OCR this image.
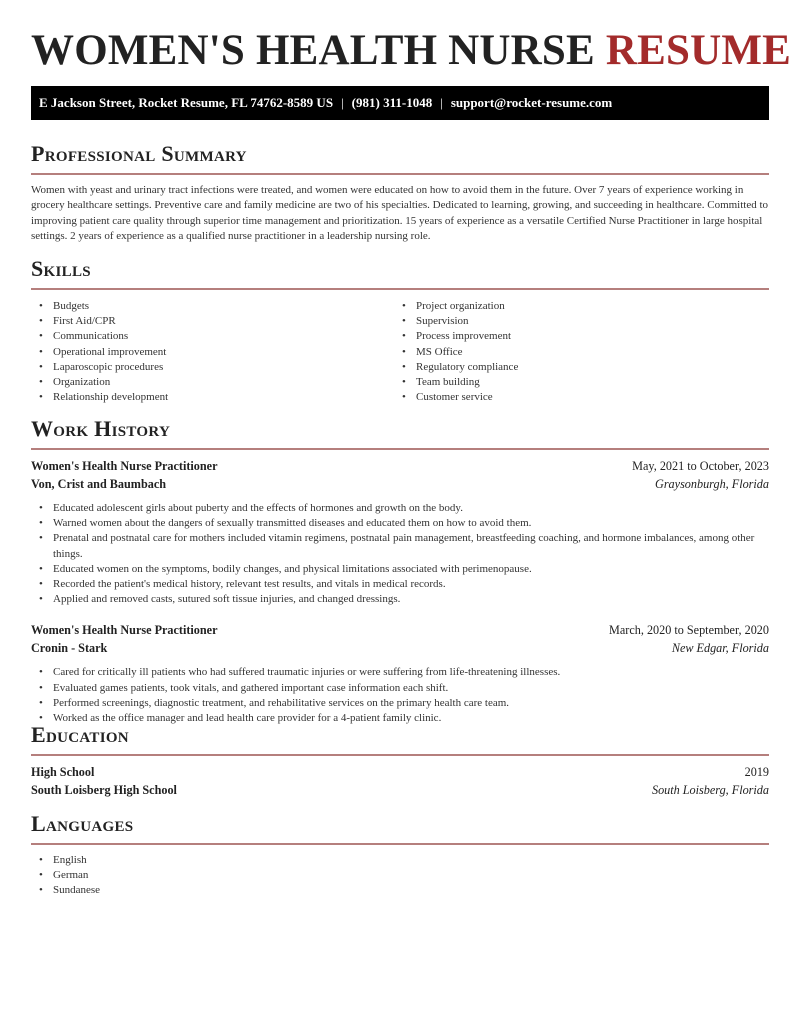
WOMEN'S HEALTH NURSE RESUME
E Jackson Street, Rocket Resume, FL 74762-8589 US | (981) 311-1048 | support@rocket-resume.com
Professional Summary

Women with yeast and urinary tract infections were treated, and women were educated on how to avoid them in the future. Over 7 years of experience working in grocery healthcare settings. Preventive care and family medicine are two of his specialties. Dedicated to learning, growing, and succeeding in healthcare. Committed to improving patient care quality through superior time management and prioritization. 15 years of experience as a versatile Certified Nurse Practitioner in large hospital settings. 2 years of experience as a qualified nurse practitioner in a leadership nursing role.

Skills
• Budgets
• First Aid/CPR
• Communications
• Operational improvement
• Laparoscopic procedures
• Organization
• Relationship development
• Project organization
• Supervision
• Process improvement
• MS Office
• Regulatory compliance
• Team building
• Customer service
Work History
Women's Health Nurse Practitioner	May, 2021 to October, 2023
Von, Crist and Baumbach	Graysonburgh, Florida
• Educated adolescent girls about puberty and the effects of hormones and growth on the body.
• Warned women about the dangers of sexually transmitted diseases and educated them on how to avoid them.
• Prenatal and postnatal care for mothers included vitamin regimens, postnatal pain management, breastfeeding coaching, and hormone imbalances, among other things.
• Educated women on the symptoms, bodily changes, and physical limitations associated with perimenopause.
• Recorded the patient's medical history, relevant test results, and vitals in medical records.
• Applied and removed casts, sutured soft tissue injuries, and changed dressings.
Women's Health Nurse Practitioner	March, 2020 to September, 2020
Cronin - Stark	New Edgar, Florida
• Cared for critically ill patients who had suffered traumatic injuries or were suffering from life-threatening illnesses.
• Evaluated games patients, took vitals, and gathered important case information each shift.
• Performed screenings, diagnostic treatment, and rehabilitative services on the primary health care team.
• Worked as the office manager and lead health care provider for a 4-patient family clinic.
Education
High School	2019
South Loisberg High School	South Loisberg, Florida
Languages
• English
• German
• Sundanese
